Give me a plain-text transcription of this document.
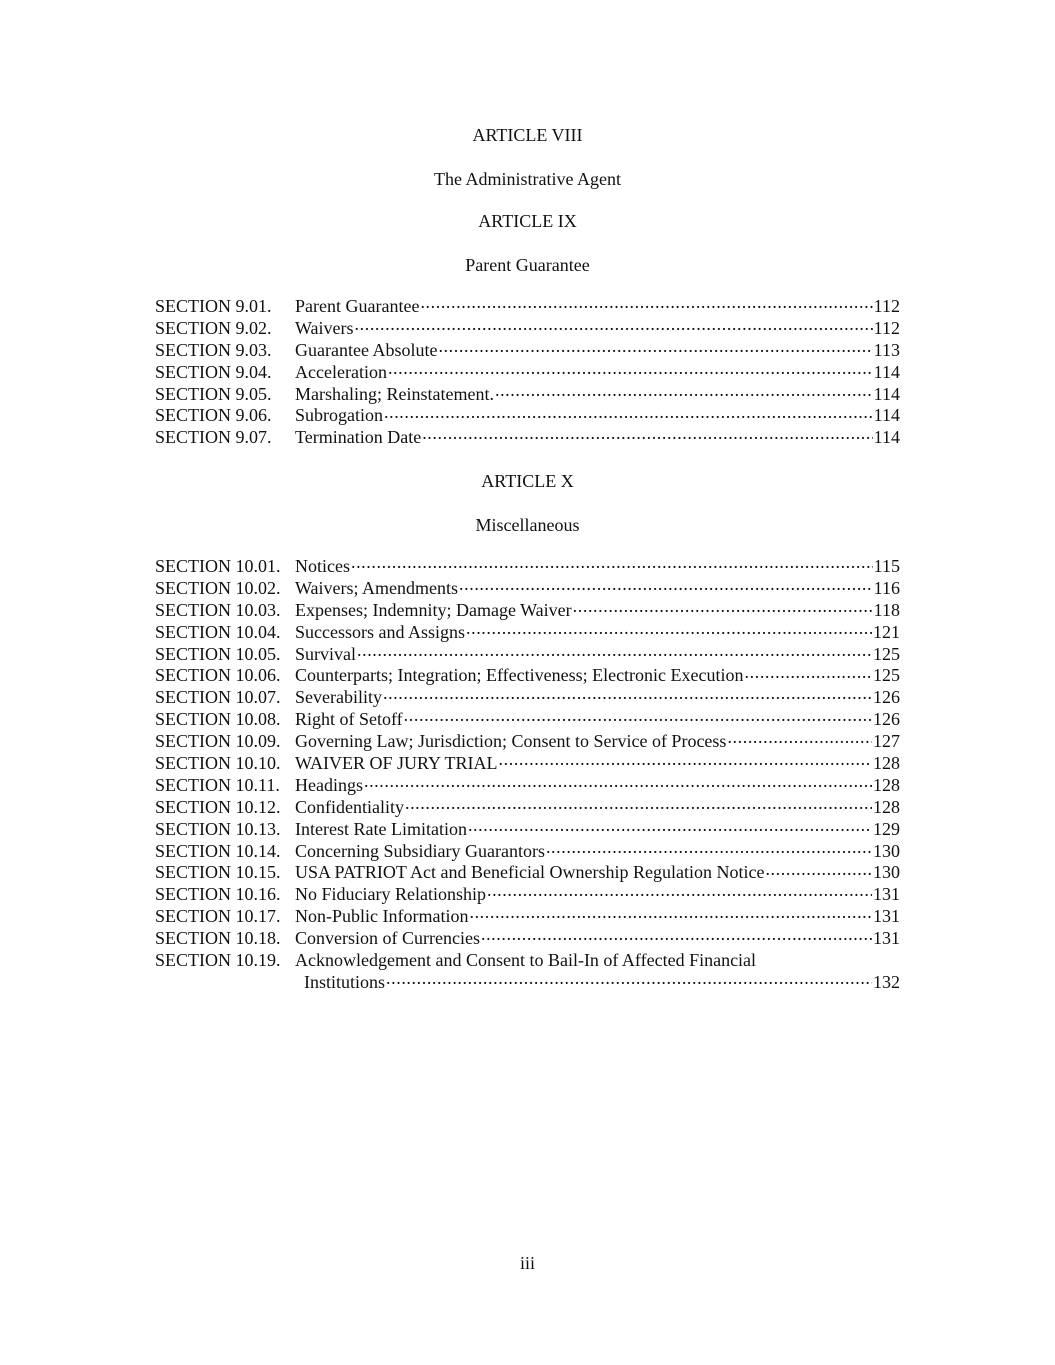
ARTICLE VIII
The Administrative Agent
ARTICLE IX
Parent Guarantee
SECTION 9.01.	Parent Guarantee .....	112
SECTION 9.02.	Waivers .....	112
SECTION 9.03.	Guarantee Absolute .....	113
SECTION 9.04.	Acceleration .....	114
SECTION 9.05.	Marshaling; Reinstatement. .....	114
SECTION 9.06.	Subrogation .....	114
SECTION 9.07.	Termination Date .....	114
ARTICLE X
Miscellaneous
SECTION 10.01. Notices .....	115
SECTION 10.02. Waivers; Amendments .....	116
SECTION 10.03. Expenses; Indemnity; Damage Waiver .....	118
SECTION 10.04. Successors and Assigns .....	121
SECTION 10.05. Survival .....	125
SECTION 10.06. Counterparts; Integration; Effectiveness; Electronic Execution .....	125
SECTION 10.07. Severability .....	126
SECTION 10.08. Right of Setoff .....	126
SECTION 10.09. Governing Law; Jurisdiction; Consent to Service of Process .....	127
SECTION 10.10. WAIVER OF JURY TRIAL .....	128
SECTION 10.11. Headings .....	128
SECTION 10.12. Confidentiality .....	128
SECTION 10.13. Interest Rate Limitation .....	129
SECTION 10.14. Concerning Subsidiary Guarantors .....	130
SECTION 10.15. USA PATRIOT Act and Beneficial Ownership Regulation Notice .....	130
SECTION 10.16. No Fiduciary Relationship .....	131
SECTION 10.17. Non-Public Information .....	131
SECTION 10.18. Conversion of Currencies .....	131
SECTION 10.19. Acknowledgement and Consent to Bail-In of Affected Financial
Institutions .....	132
iii
